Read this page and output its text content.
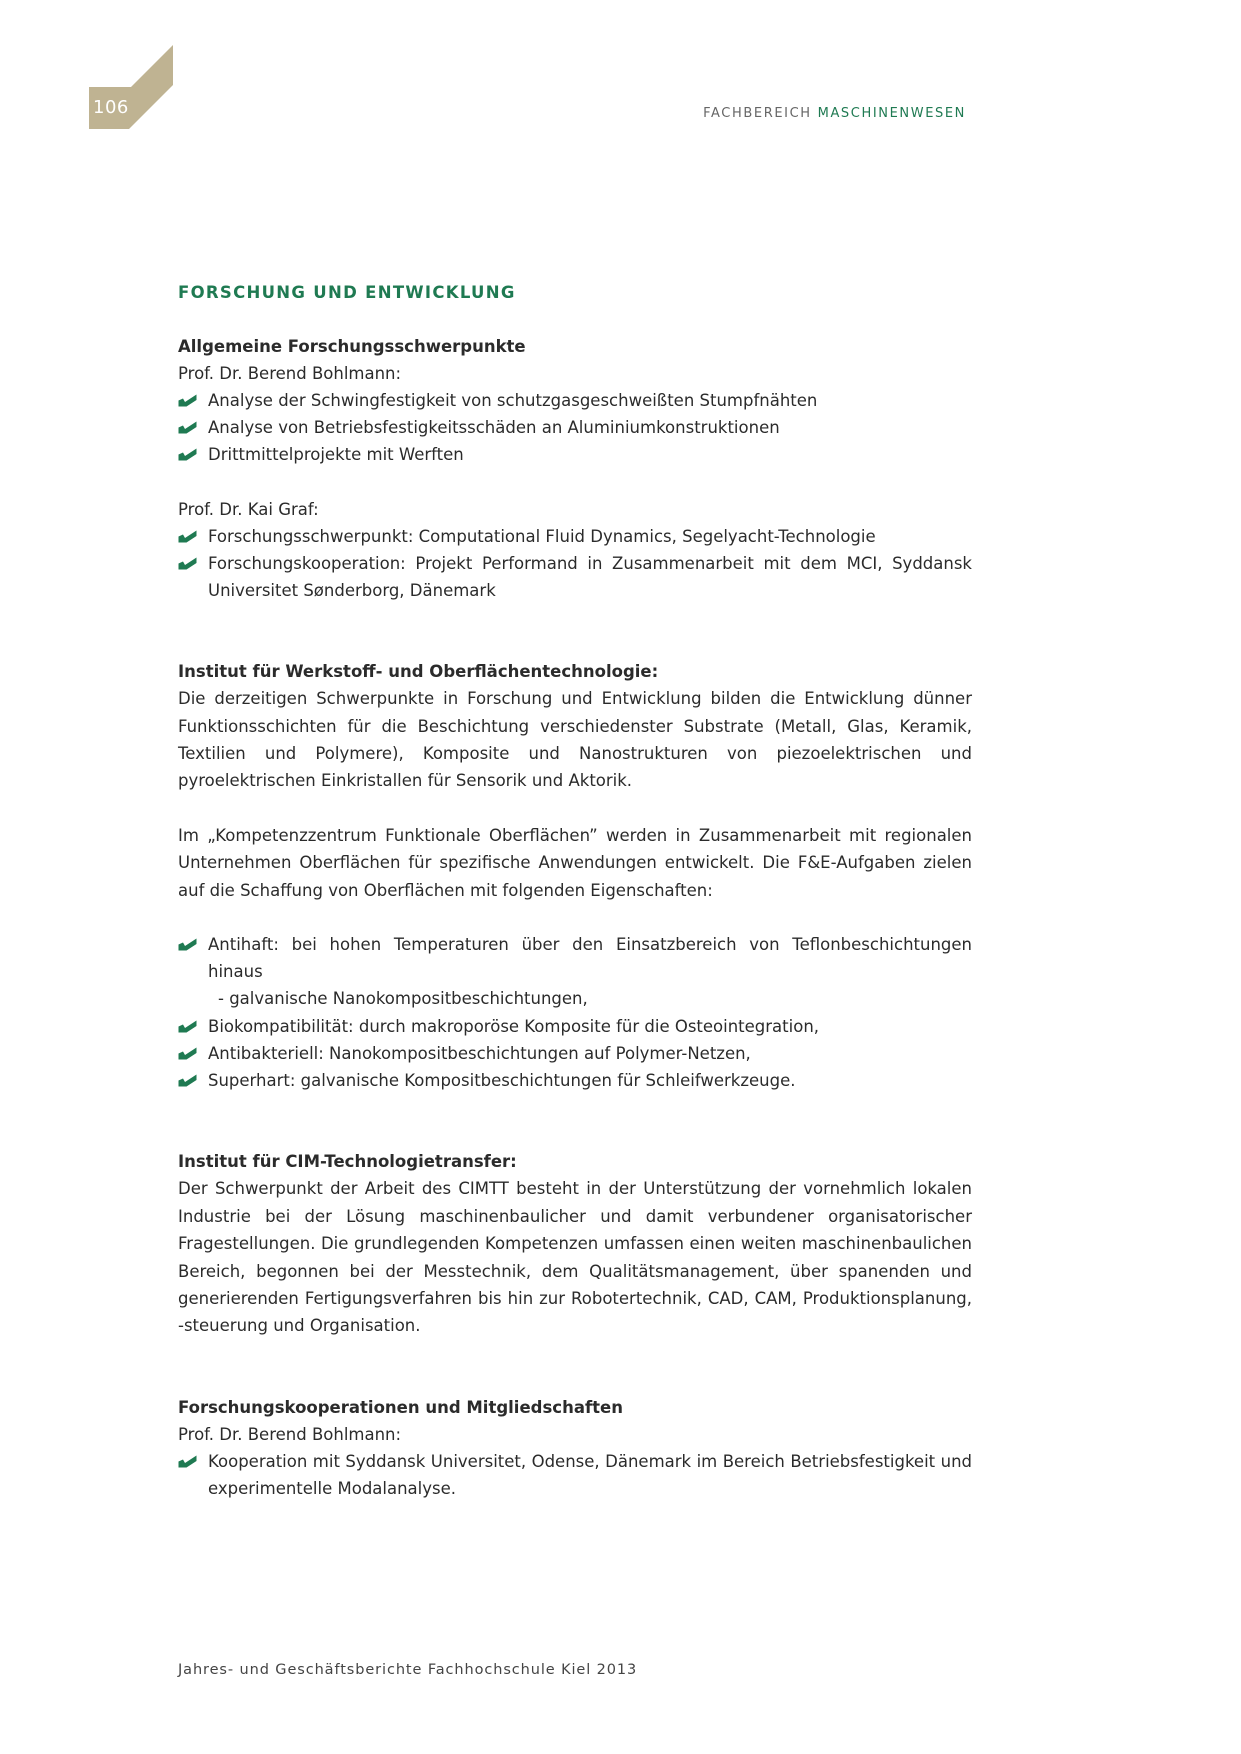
106	FACHBEREICH MASCHINENWESEN
FORSCHUNG UND ENTWICKLUNG

Allgemeine Forschungsschwerpunkte

Prof. Dr. Berend Bohlmann:

Analyse der Schwingfestigkeit von schutzgasgeschweißten Stumpfnähten
Analyse von Betriebsfestigkeitsschäden an Aluminiumkonstruktionen
Drittmittelprojekte mit Werften

Prof. Dr. Kai Graf:

Forschungsschwerpunkt: Computational Fluid Dynamics, Segelyacht-Technologie
Forschungskooperation: Projekt Performand in Zusammenarbeit mit dem MCI, Syddansk Universitet Sønderborg, Dänemark

Institut für Werkstoff- und Oberflächentechnologie:

Die derzeitigen Schwerpunkte in Forschung und Entwicklung bilden die Entwicklung dünner Funktionsschichten für die Beschichtung verschiedenster Substrate (Metall, Glas, Keramik, Textilien und Polymere), Komposite und Nanostrukturen von piezoelektrischen und pyroelektrischen Einkristallen für Sensorik und Aktorik.

Im „Kompetenzzentrum Funktionale Oberflächen” werden in Zusammenarbeit mit regionalen Unternehmen Oberflächen für spezifische Anwendungen entwickelt. Die F&E-Aufgaben zielen auf die Schaffung von Oberflächen mit folgenden Eigenschaften:

Antihaft: bei hohen Temperaturen über den Einsatzbereich von Teflonbeschichtungen hinaus
- galvanische Nanokompositbeschichtungen,
Biokompatibilität: durch makroporöse Komposite für die Osteointegration,
Antibakteriell: Nanokompositbeschichtungen auf Polymer-Netzen,
Superhart: galvanische Kompositbeschichtungen für Schleifwerkzeuge.

Institut für CIM-Technologietransfer:

Der Schwerpunkt der Arbeit des CIMTT besteht in der Unterstützung der vornehmlich lokalen Industrie bei der Lösung maschinenbaulicher und damit verbundener organisatorischer Fragestellungen. Die grundlegenden Kompetenzen umfassen einen weiten maschinenbaulichen Bereich, begonnen bei der Messtechnik, dem Qualitätsmanagement, über spanenden und generierenden Fertigungsverfahren bis hin zur Robotertechnik, CAD, CAM, Produktionsplanung, -steuerung und Organisation.

Forschungskooperationen und Mitgliedschaften

Prof. Dr. Berend Bohlmann:

Kooperation mit Syddansk Universitet, Odense, Dänemark im Bereich Betriebsfestigkeit und experimentelle Modalanalyse.
Jahres- und Geschäftsberichte Fachhochschule Kiel 2013
